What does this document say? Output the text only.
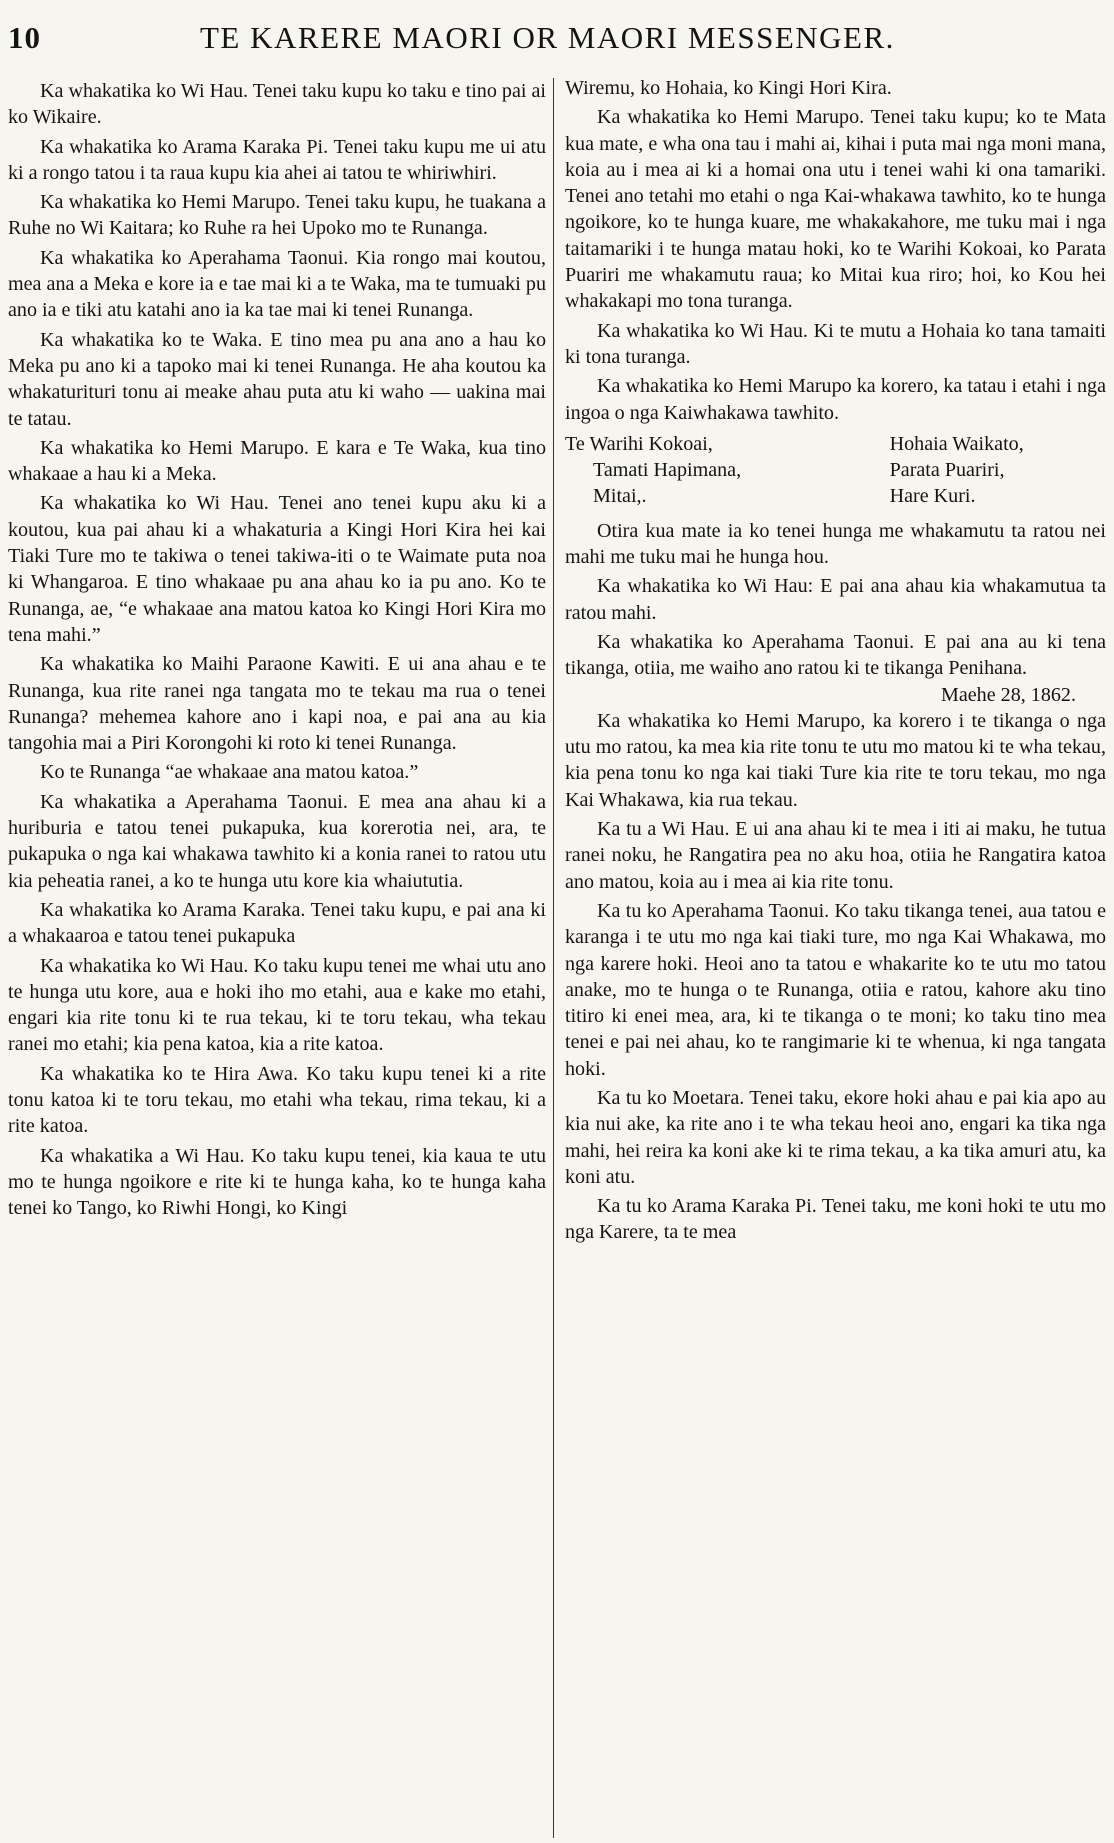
10	TE KARERE MAORI OR MAORI MESSENGER.

Ka whakatika ko Wi Hau. Tenei taku kupu ko taku e tino pai ai ko Wikaire.

Ka whakatika ko Arama Karaka Pi. Tenei taku kupu me ui atu ki a rongo tatou i ta raua kupu kia ahei ai tatou te whiriwhiri.

Ka whakatika ko Hemi Marupo. Tenei taku kupu, he tuakana a Ruhe no Wi Kaitara; ko Ruhe ra hei Upoko mo te Runanga.

Ka whakatika ko Aperahama Taonui. Kia rongo mai koutou, mea ana a Meka e kore ia e tae mai ki a te Waka, ma te tumuaki pu ano ia e tiki atu katahi ano ia ka tae mai ki tenei Runanga.

Ka whakatika ko te Waka. E tino mea pu ana ano a hau ko Meka pu ano ki a tapoko mai ki tenei Runanga. He aha koutou ka whakaturituri tonu ai meake ahau puta atu ki waho — uakina mai te tatau.

Ka whakatika ko Hemi Marupo. E kara e Te Waka, kua tino whakaae a hau ki a Meka.

Ka whakatika ko Wi Hau. Tenei ano tenei kupu aku ki a koutou, kua pai ahau ki a whakaturia a Kingi Hori Kira hei kai Tiaki Ture mo te takiwa o tenei takiwa-iti o te Waimate puta noa ki Whangaroa. E tino whakaae pu ana ahau ko ia pu ano. Ko te Runanga, ae, “e whakaae ana matou katoa ko Kingi Hori Kira mo tena mahi.”

Ka whakatika ko Maihi Paraone Kawiti. E ui ana ahau e te Runanga, kua rite ranei nga tangata mo te tekau ma rua o tenei Runanga? mehemea kahore ano i kapi noa, e pai ana au kia tangohia mai a Piri Korongohi ki roto ki tenei Runanga.

Ko te Runanga “ae whakaae ana matou katoa.”

Ka whakatika a Aperahama Taonui. E mea ana ahau ki a huriburia e tatou tenei pukapuka, kua korerotia nei, ara, te pukapuka o nga kai whakawa tawhito ki a konia ranei to ratou utu kia peheatia ranei, a ko te hunga utu kore kia whaiututia.

Ka whakatika ko Arama Karaka. Tenei taku kupu, e pai ana ki a whakaaroa e tatou tenei pukapuka

Ka whakatika ko Wi Hau. Ko taku kupu tenei me whai utu ano te hunga utu kore, aua e hoki iho mo etahi, aua e kake mo etahi, engari kia rite tonu ki te rua tekau, ki te toru tekau, wha tekau ranei mo etahi; kia pena katoa, kia a rite katoa.

Ka whakatika ko te Hira Awa. Ko taku kupu tenei ki a rite tonu katoa ki te toru tekau, mo etahi wha tekau, rima tekau, ki a rite katoa.

Ka whakatika a Wi Hau. Ko taku kupu tenei, kia kaua te utu mo te hunga ngoikore e rite ki te hunga kaha, ko te hunga kaha tenei ko Tango, ko Riwhi Hongi, ko Kingi

Wiremu, ko Hohaia, ko Kingi Hori Kira.

Ka whakatika ko Hemi Marupo. Tenei taku kupu; ko te Mata kua mate, e wha ona tau i mahi ai, kihai i puta mai nga moni mana, koia au i mea ai ki a homai ona utu i tenei wahi ki ona tamariki. Tenei ano tetahi mo etahi o nga Kai-whakawa tawhito, ko te hunga ngoikore, ko te hunga kuare, me whakakahore, me tuku mai i nga taitamariki i te hunga matau hoki, ko te Warihi Kokoai, ko Parata Puariri me whakamutu raua; ko Mitai kua riro; hoi, ko Kou hei whakakapi mo tona turanga.

Ka whakatika ko Wi Hau. Ki te mutu a Hohaia ko tana tamaiti ki tona turanga.

Ka whakatika ko Hemi Marupo ka korero, ka tatau i etahi i nga ingoa o nga Kaiwhakawa tawhito.

Te Warihi Kokoai,	Hohaia Waikato,
Tamati Hapimana,	Parata Puariri,
Mitai,.	Hare Kuri.

Otira kua mate ia ko tenei hunga me whakamutu ta ratou nei mahi me tuku mai he hunga hou.

Ka whakatika ko Wi Hau: E pai ana ahau kia whakamutua ta ratou mahi.

Ka whakatika ko Aperahama Taonui. E pai ana au ki tena tikanga, otiia, me waiho ano ratou ki te tikanga Penihana.

Maehe 28, 1862.

Ka whakatika ko Hemi Marupo, ka korero i te tikanga o nga utu mo ratou, ka mea kia rite tonu te utu mo matou ki te wha tekau, kia pena tonu ko nga kai tiaki Ture kia rite te toru tekau, mo nga Kai Whakawa, kia rua tekau.

Ka tu a Wi Hau. E ui ana ahau ki te mea i iti ai maku, he tutua ranei noku, he Rangatira pea no aku hoa, otiia he Rangatira katoa ano matou, koia au i mea ai kia rite tonu.

Ka tu ko Aperahama Taonui. Ko taku tikanga tenei, aua tatou e karanga i te utu mo nga kai tiaki ture, mo nga Kai Whakawa, mo nga karere hoki. Heoi ano ta tatou e whakarite ko te utu mo tatou anake, mo te hunga o te Runanga, otiia e ratou, kahore aku tino titiro ki enei mea, ara, ki te tikanga o te moni; ko taku tino mea tenei e pai nei ahau, ko te rangimarie ki te whenua, ki nga tangata hoki.

Ka tu ko Moetara. Tenei taku, ekore hoki ahau e pai kia apo au kia nui ake, ka rite ano i te wha tekau heoi ano, engari ka tika nga mahi, hei reira ka koni ake ki te rima tekau, a ka tika amuri atu, ka koni atu.

Ka tu ko Arama Karaka Pi. Tenei taku, me koni hoki te utu mo nga Karere, ta te mea
